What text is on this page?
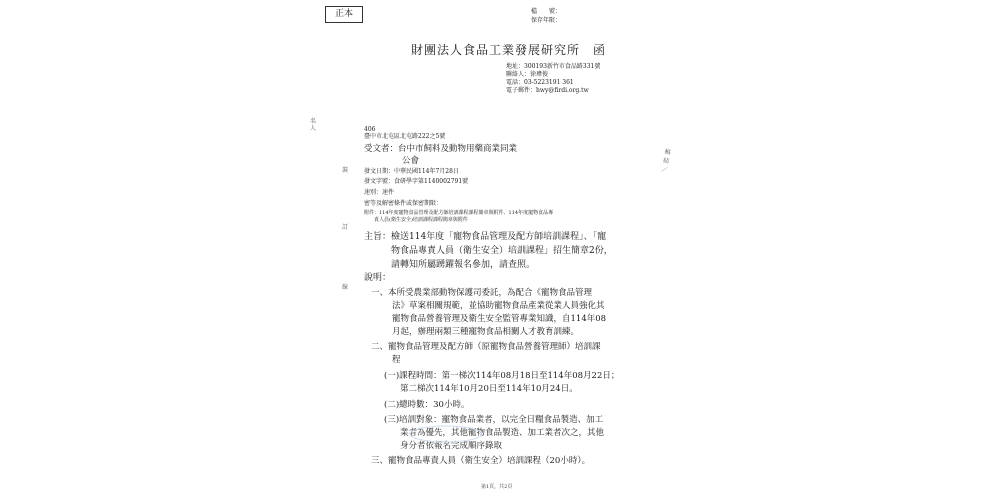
正本	檔　　號：
保存年限：
財團法人食品工業發展研究所　函
地址：300193新竹市食品路331號
聯絡人：徐瑋俊
電話：03-5223191 361
電子郵件：hwy@firdi.org.tw
名
人	406
臺中市北屯區北屯路222之5號
受文者：台中市飼料及動物用藥商業同業
公會
發文日期：中華民國114年7月28日
發文字號：食研學字第1140002791號
速別：速件
密等及解密條件或保密期限：
附件：114年度寵物食品管理及配方師培訓課程課程簡章與附件、114年度寵物食品專
責人員(衛生安全)培訓課程課程簡章與附件
主旨：檢送114年度「寵物食品管理及配方師培訓課程」、「寵
物食品專責人員（衛生安全）培訓課程」招生簡章2份，
請轉知所屬踴躍報名參加，請查照。
說明：
一、本所受農業部動物保護司委託，為配合《寵物食品管理
法》草案相關規範，並協助寵物食品產業從業人員強化其
寵物食品營養管理及衛生安全監管專業知識，自114年08
月起，辦理兩類三種寵物食品相關人才教育訓練。
二、寵物食品管理及配方師（原寵物食品營養管理師）培訓課
程
(一)課程時間：第一梯次114年08月18日至114年08月22日；
第二梯次114年10月20日至114年10月24日。
(二)總時數：30小時。
(三)培訓對象：寵物食品業者，以完全日糧食品製造、加工
業者為優先，其他寵物食品製造、加工業者次之，其他
身分者依報名完成順序錄取
三、寵物食品專責人員（衛生安全）培訓課程（20小時）。
裝
訂
線
稿
結
／
第1頁，共2頁
